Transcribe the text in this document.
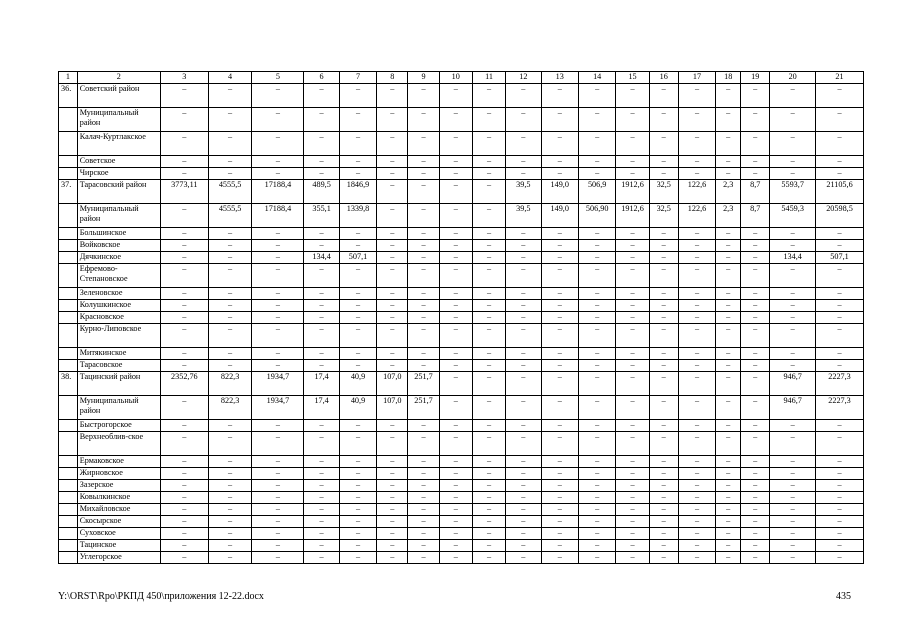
1	2	3	4	5	6	7	8	9	10	11	12	13	14	15	16	17	18	19	20	21
36.	Советский район	–	–	–	–	–	–	–	–	–	–	–	–	–	–	–	–	–	–	–
	Муниципальный район	–	–	–	–	–	–	–	–	–	–	–	–	–	–	–	–	–	–	–
	Калач-Куртлакское	–	–	–	–	–	–	–	–	–	–	–	–	–	–	–	–	–	–	–
	Советское	–	–	–	–	–	–	–	–	–	–	–	–	–	–	–	–	–	–	–
	Чирское	–	–	–	–	–	–	–	–	–	–	–	–	–	–	–	–	–	–	–
37.	Тарасовский район	3773,11	4555,5	17188,4	489,5	1846,9	–	–	–	–	39,5	149,0	506,9	1912,6	32,5	122,6	2,3	8,7	5593,7	21105,6
	Муниципальный район	–	4555,5	17188,4	355,1	1339,8	–	–	–	–	39,5	149,0	506,90	1912,6	32,5	122,6	2,3	8,7	5459,3	20598,5
	Большинское	–	–	–	–	–	–	–	–	–	–	–	–	–	–	–	–	–	–	–
	Войковское	–	–	–	–	–	–	–	–	–	–	–	–	–	–	–	–	–	–	–
	Дячкинское	–	–	–	134,4	507,1	–	–	–	–	–	–	–	–	–	–	–	–	134,4	507,1
	Ефремово-Степановское	–	–	–	–	–	–	–	–	–	–	–	–	–	–	–	–	–	–	–
	Зеленовское	–	–	–	–	–	–	–	–	–	–	–	–	–	–	–	–	–	–	–
	Колушкинское	–	–	–	–	–	–	–	–	–	–	–	–	–	–	–	–	–	–	–
	Красновское	–	–	–	–	–	–	–	–	–	–	–	–	–	–	–	–	–	–	–
	Курно-Липовское	–	–	–	–	–	–	–	–	–	–	–	–	–	–	–	–	–	–	–
	Митякинское	–	–	–	–	–	–	–	–	–	–	–	–	–	–	–	–	–	–	–
	Тарасовское	–	–	–	–	–	–	–	–	–	–	–	–	–	–	–	–	–	–	–
38.	Тацинский район	2352,76	822,3	1934,7	17,4	40,9	107,0	251,7	–	–	–	–	–	–	–	–	–	–	946,7	2227,3
	Муниципальный район	–	822,3	1934,7	17,4	40,9	107,0	251,7	–	–	–	–	–	–	–	–	–	–	946,7	2227,3
	Быстрогорское	–	–	–	–	–	–	–	–	–	–	–	–	–	–	–	–	–	–	–
	Верхнеоблив-ское	–	–	–	–	–	–	–	–	–	–	–	–	–	–	–	–	–	–	–
	Ермаковское	–	–	–	–	–	–	–	–	–	–	–	–	–	–	–	–	–	–	–
	Жирновское	–	–	–	–	–	–	–	–	–	–	–	–	–	–	–	–	–	–	–
	Зазерское	–	–	–	–	–	–	–	–	–	–	–	–	–	–	–	–	–	–	–
	Ковылкинское	–	–	–	–	–	–	–	–	–	–	–	–	–	–	–	–	–	–	–
	Михайловское	–	–	–	–	–	–	–	–	–	–	–	–	–	–	–	–	–	–	–
	Скосырское	–	–	–	–	–	–	–	–	–	–	–	–	–	–	–	–	–	–	–
	Суховское	–	–	–	–	–	–	–	–	–	–	–	–	–	–	–	–	–	–	–
	Тацинское	–	–	–	–	–	–	–	–	–	–	–	–	–	–	–	–	–	–	–
	Углегорское	–	–	–	–	–	–	–	–	–	–	–	–	–	–	–	–	–	–	–
Y:\ORST\Rpo\РКПД 450\приложения 12-22.docx	435
